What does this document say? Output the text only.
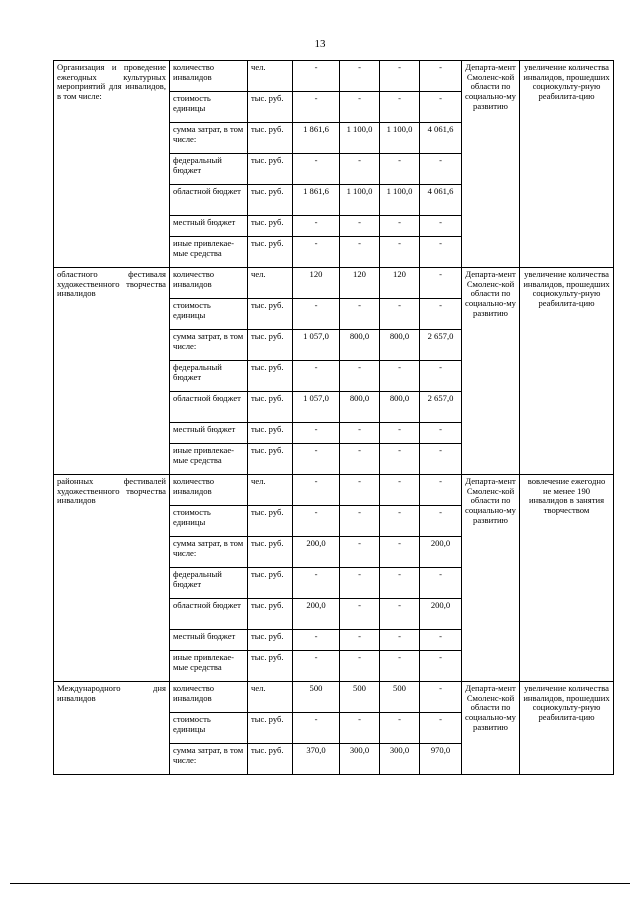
13
Организация и проведение ежегодных культурных мероприятий для инвалидов, в том числе:	количество инвалидов	чел.	-	-	-	-	Департа-мент Смоленс-кой области по социально-му развитию	увеличение количества инвалидов, прошедших социокульту-рную реабилита-цию
	стоимость единицы	тыс. руб.	-	-	-	-		
	сумма затрат, в том числе:	тыс. руб.	1 861,6	1 100,0	1 100,0	4 061,6		
	федеральный бюджет	тыс. руб.	-	-	-	-		
	областной бюджет	тыс. руб.	1 861,6	1 100,0	1 100,0	4 061,6		
	местный бюджет	тыс. руб.	-	-	-	-		
	иные привлекае-мые средства	тыс. руб.	-	-	-	-		
областного фестиваля художественного творчества инвалидов	количество инвалидов	чел.	120	120	120	-	Департа-мент Смоленс-кой области по социально-му развитию	увеличение количества инвалидов, прошедших социокульту-рную реабилита-цию
	стоимость единицы	тыс. руб.	-	-	-	-		
	сумма затрат, в том числе:	тыс. руб.	1 057,0	800,0	800,0	2 657,0		
	федеральный бюджет	тыс. руб.	-	-	-	-		
	областной бюджет	тыс. руб.	1 057,0	800,0	800,0	2 657,0		
	местный бюджет	тыс. руб.	-	-	-	-		
	иные привлекае-мые средства	тыс. руб.	-	-	-	-		
районных фестивалей художественного творчества инвалидов	количество инвалидов	чел.	-	-	-	-	Департа-мент Смоленс-кой области по социально-му развитию	вовлечение ежегодно не менее 190 инвалидов в занятия творчеством
	стоимость единицы	тыс. руб.	-	-	-	-		
	сумма затрат, в том числе:	тыс. руб.	200,0	-	-	200,0		
	федеральный бюджет	тыс. руб.	-	-	-	-		
	областной бюджет	тыс. руб.	200,0	-	-	200,0		
	местный бюджет	тыс. руб.	-	-	-	-		
	иные привлекае-мые средства	тыс. руб.	-	-	-	-		
Международного дня инвалидов	количество инвалидов	чел.	500	500	500	-	Департа-мент Смоленс-кой области по социально-му развитию	увеличение количества инвалидов, прошедших социокульту-рную реабилита-цию
	стоимость единицы	тыс. руб.	-	-	-	-		
	сумма затрат, в том числе:	тыс. руб.	370,0	300,0	300,0	970,0		
